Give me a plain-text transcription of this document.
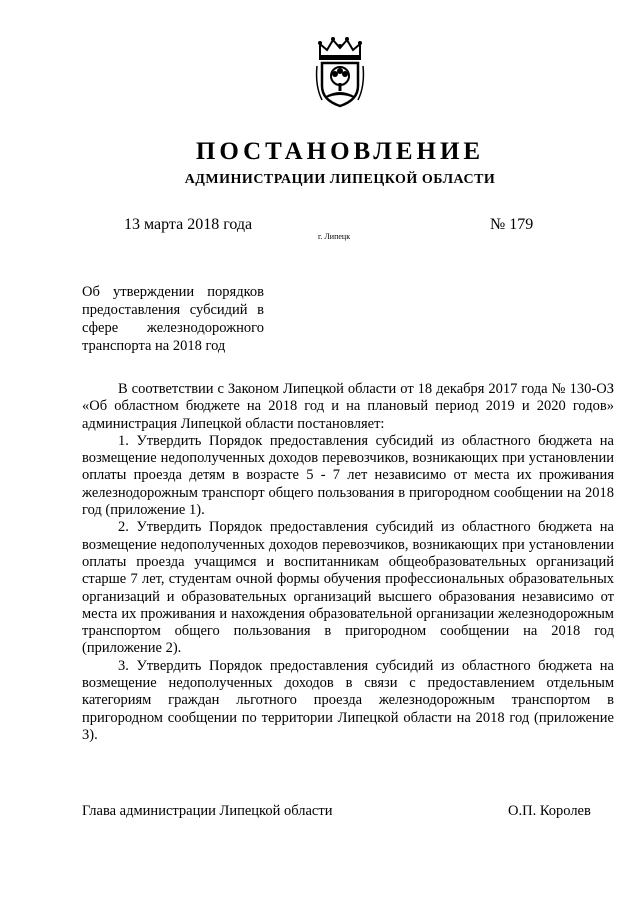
ПОСТАНОВЛЕНИЕ
АДМИНИСТРАЦИИ ЛИПЕЦКОЙ ОБЛАСТИ
13 марта 2018 года
г. Липецк
№ 179
Об утверждении порядков предоставления субсидий в сфере железнодорожного транспорта на 2018 год

В соответствии с Законом Липецкой области от 18 декабря 2017 года № 130-ОЗ «Об областном бюджете на 2018 год и на плановый период 2019 и 2020 годов» администрация Липецкой области постановляет:

1. Утвердить Порядок предоставления субсидий из областного бюджета на возмещение недополученных доходов перевозчиков, возникающих при установлении оплаты проезда детям в возрасте 5 - 7 лет независимо от места их проживания железнодорожным транспорт общего пользования в пригородном сообщении на 2018 год (приложение 1).

2. Утвердить Порядок предоставления субсидий из областного бюджета на возмещение недополученных доходов перевозчиков, возникающих при установлении оплаты проезда учащимся и воспитанникам общеобразовательных организаций старше 7 лет, студентам очной формы обучения профессиональных образовательных организаций и образовательных организаций высшего образования независимо от места их проживания и нахождения образовательной организации железнодорожным транспортом общего пользования в пригородном сообщении на 2018 год (приложение 2).

3. Утвердить Порядок предоставления субсидий из областного бюджета на возмещение недополученных доходов в связи с предоставлением отдельным категориям граждан льготного проезда железнодорожным транспортом в пригородном сообщении по территории Липецкой области на 2018 год (приложение 3).

Глава администрации Липецкой области	О.П. Королев
